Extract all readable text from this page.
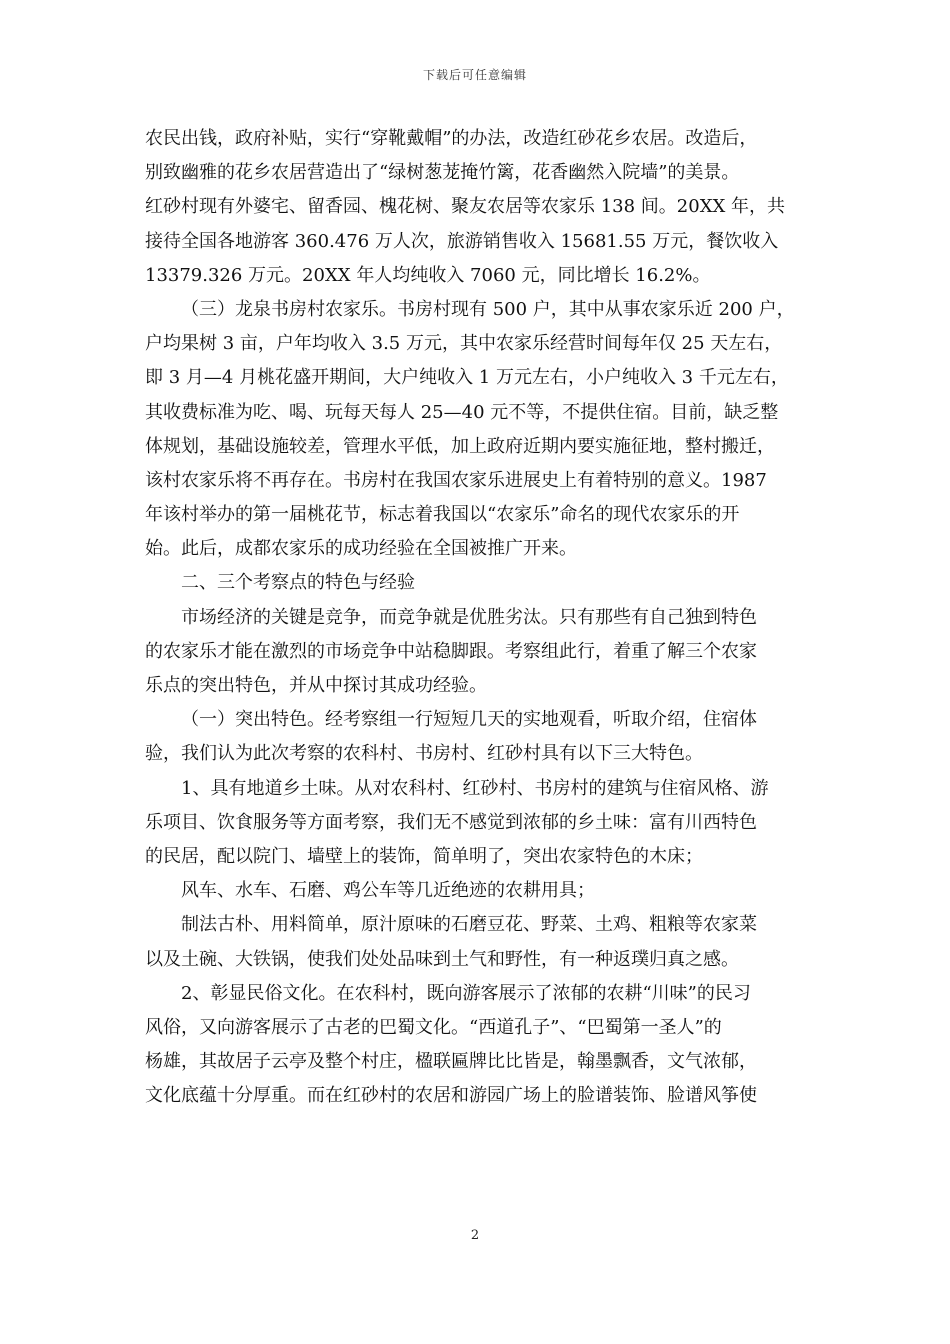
下载后可任意编辑
农民出钱，政府补贴，实行“穿靴戴帽”的办法，改造红砂花乡农居。改造后，
别致幽雅的花乡农居营造出了“绿树葱茏掩竹篱，花香幽然入院墙”的美景。
红砂村现有外婆宅、留香园、槐花树、聚友农居等农家乐 138 间。20XX 年，共
接待全国各地游客 360.476 万人次，旅游销售收入 15681.55 万元，餐饮收入
13379.326 万元。20XX 年人均纯收入 7060 元，同比增长 16.2%。
（三）龙泉书房村农家乐。书房村现有 500 户，其中从事农家乐近 200 户，
户均果树 3 亩，户年均收入 3.5 万元，其中农家乐经营时间每年仅 25 天左右，
即 3 月—4 月桃花盛开期间，大户纯收入 1 万元左右，小户纯收入 3 千元左右，
其收费标准为吃、喝、玩每天每人 25—40 元不等，不提供住宿。目前，缺乏整
体规划，基础设施较差，管理水平低，加上政府近期内要实施征地，整村搬迁，
该村农家乐将不再存在。书房村在我国农家乐进展史上有着特别的意义。1987
年该村举办的第一届桃花节，标志着我国以“农家乐”命名的现代农家乐的开
始。此后，成都农家乐的成功经验在全国被推广开来。
二、三个考察点的特色与经验
市场经济的关键是竞争，而竞争就是优胜劣汰。只有那些有自己独到特色
的农家乐才能在激烈的市场竞争中站稳脚跟。考察组此行，着重了解三个农家
乐点的突出特色，并从中探讨其成功经验。
（一）突出特色。经考察组一行短短几天的实地观看，听取介绍，住宿体
验，我们认为此次考察的农科村、书房村、红砂村具有以下三大特色。
1、具有地道乡土味。从对农科村、红砂村、书房村的建筑与住宿风格、游
乐项目、饮食服务等方面考察，我们无不感觉到浓郁的乡土味：富有川西特色
的民居，配以院门、墙壁上的装饰，简单明了，突出农家特色的木床；
风车、水车、石磨、鸡公车等几近绝迹的农耕用具；
制法古朴、用料简单，原汁原味的石磨豆花、野菜、土鸡、粗粮等农家菜
以及土碗、大铁锅，使我们处处品味到土气和野性，有一种返璞归真之感。
2、彰显民俗文化。在农科村，既向游客展示了浓郁的农耕“川味”的民习
风俗，又向游客展示了古老的巴蜀文化。“西道孔子”、“巴蜀第一圣人”的
杨雄，其故居子云亭及整个村庄，楹联匾牌比比皆是，翰墨飘香，文气浓郁，
文化底蕴十分厚重。而在红砂村的农居和游园广场上的脸谱装饰、脸谱风筝使
2
